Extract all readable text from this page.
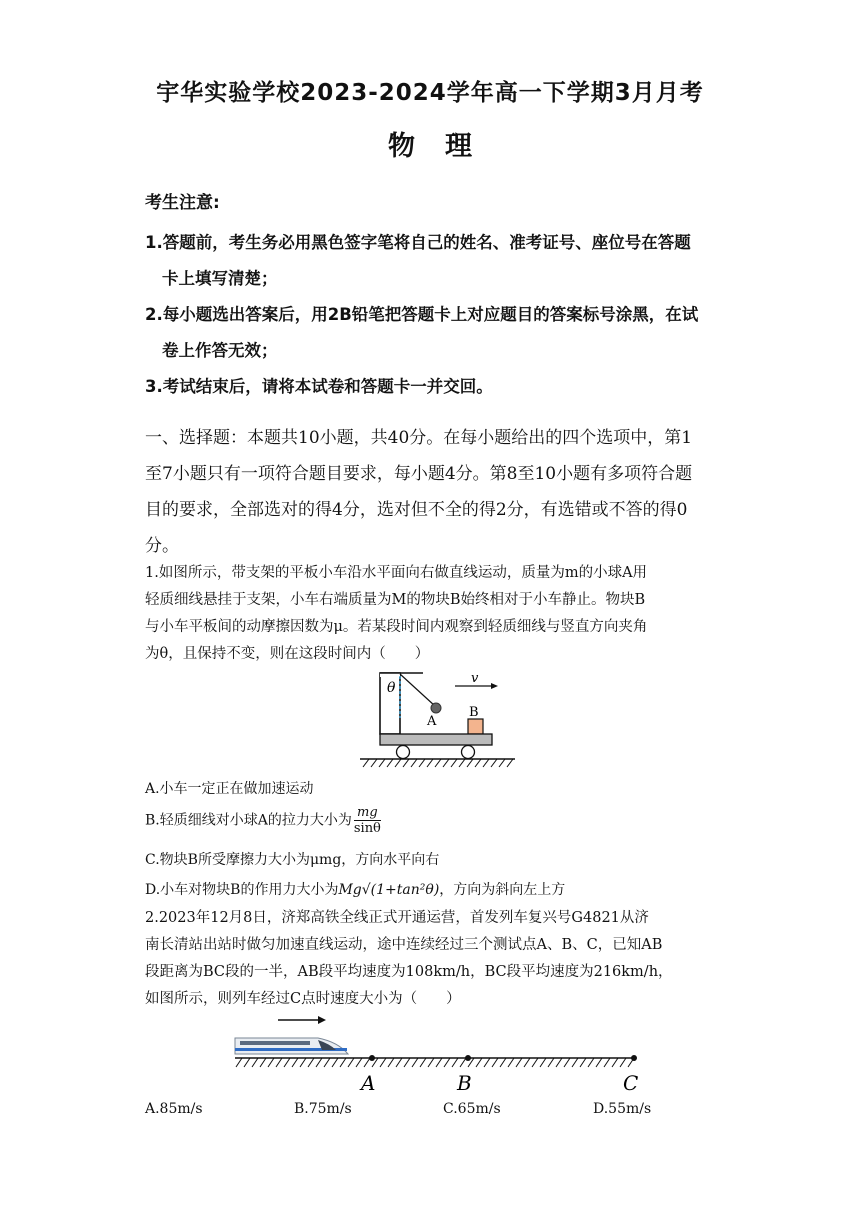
宇华实验学校2023-2024学年高一下学期3月月考
物理
考生注意:
1.答题前，考生务必用黑色签字笔将自己的姓名、准考证号、座位号在答题
卡上填写清楚；
2.每小题选出答案后，用2B铅笔把答题卡上对应题目的答案标号涂黑，在试
卷上作答无效；
3.考试结束后，请将本试卷和答题卡一并交回。
一、选择题：本题共10小题，共40分。在每小题给出的四个选项中，第1
至7小题只有一项符合题目要求，每小题4分。第8至10小题有多项符合题
目的要求，全部选对的得4分，选对但不全的得2分，有选错或不答的得0
分。
1.如图所示，带支架的平板小车沿水平面向右做直线运动，质量为m的小球A用
轻质细线悬挂于支架，小车右端质量为M的物块B始终相对于小车静止。物块B
与小车平板间的动摩擦因数为μ。若某段时间内观察到轻质细线与竖直方向夹角
为θ，且保持不变，则在这段时间内（　　）
θ
A
v
B
A.小车一定正在做加速运动
B.轻质细线对小球A的拉力大小为 $\frac{mg}{\sin\theta}$
C.物块B所受摩擦力大小为μmg，方向水平向右
D.小车对物块B的作用力大小为Mg√(1+tan²θ)，方向为斜向左上方
2.2023年12月8日，济郑高铁全线正式开通运营，首发列车复兴号G4821从济
南长清站出站时做匀加速直线运动，途中连续经过三个测试点A、B、C，已知AB
段距离为BC段的一半，AB段平均速度为108km/h，BC段平均速度为216km/h，
如图所示，则列车经过C点时速度大小为（　　）
A	B	C
A.85m/s	B.75m/s	C.65m/s	D.55m/s
